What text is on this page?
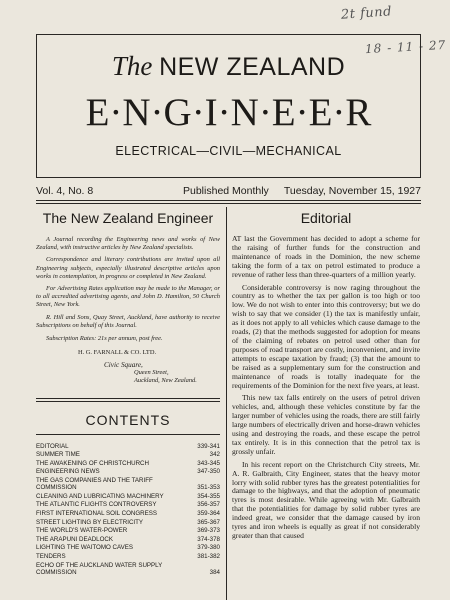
2t fund
18 - 11 - 27
The NEW ZEALAND
E·N·G·I·N·E·E·R
ELECTRICAL—CIVIL—MECHANICAL
Vol. 4, No. 8	Published Monthly Tuesday, November 15, 1927
The New Zealand Engineer

A Journal recording the Engineering news and works of New Zealand, with instructive articles by New Zealand specialists.

Correspondence and literary contributions are invited upon all Engineering subjects, especially illustrated descriptive articles upon works in contemplation, in progress or completed in New Zealand.

For Advertising Rates application may be made to the Manager, or to all accredited advertising agents, and John D. Hamilton, 50 Church Street, New York.

R. Hill and Sons, Quay Street, Auckland, have authority to receive Subscriptions on behalf of this Journal.

Subscription Rates: 21s per annum, post free.
H. G. FARNALL & CO. LTD.
Civic Square,
Queen Street,
Auckland, New Zealand.
CONTENTS
EDITORIAL	339-341
SUMMER TIME	342
THE AWAKENING OF CHRISTCHURCH	343-345
ENGINEERING NEWS	347-350
THE GAS COMPANIES AND THE TARIFF COMMISSION	351-353
CLEANING AND LUBRICATING MACHINERY	354-355
THE ATLANTIC FLIGHTS CONTROVERSY	356-357
FIRST INTERNATIONAL SOIL CONGRESS	359-364
STREET LIGHTING BY ELECTRICITY	365-367
THE WORLD'S WATER-POWER	369-373
THE ARAPUNI DEADLOCK	374-378
LIGHTING THE WAITOMO CAVES	379-380
TENDERS	381-382
ECHO OF THE AUCKLAND WATER SUPPLY COMMISSION	384
Editorial

AT last the Government has decided to adopt a scheme for the raising of further funds for the construction and maintenance of roads in the Dominion, the new scheme taking the form of a tax on petrol estimated to produce a revenue of rather less than three-quarters of a million yearly.

Considerable controversy is now raging throughout the country as to whether the tax per gallon is too high or too low. We do not wish to enter into this controversy; but we do wish to say that we consider (1) the tax is manifestly unfair, as it does not apply to all vehicles which cause damage to the roads, (2) that the methods suggested for adoption for means of the claiming of rebates on petrol used other than for purposes of road transport are costly, inconvenient, and invite attempts to escape taxation by fraud; (3) that the amount to be raised as a supplementary sum for the construction and maintenance of roads is totally inadequate for the requirements of the Dominion for the next five years, at least.

This new tax falls entirely on the users of petrol driven vehicles, and, although these vehicles constitute by far the larger number of vehicles using the roads, there are still fairly large numbers of electrically driven and horse-drawn vehicles using and destroying the roads, and these escape the petrol tax entirely. It is in this connection that the petrol tax is grossly unfair.

In his recent report on the Christchurch City streets, Mr. A. R. Galbraith, City Engineer, states that the heavy motor lorry with solid rubber tyres has the greatest potentialities for damage to the highways, and that the adoption of pneumatic tyres is most desirable. While agreeing with Mr. Galbraith that the potentialities for damage by solid rubber tyres are indeed great, we consider that the damage caused by iron tyres and iron wheels is equally as great if not considerably greater than that caused
